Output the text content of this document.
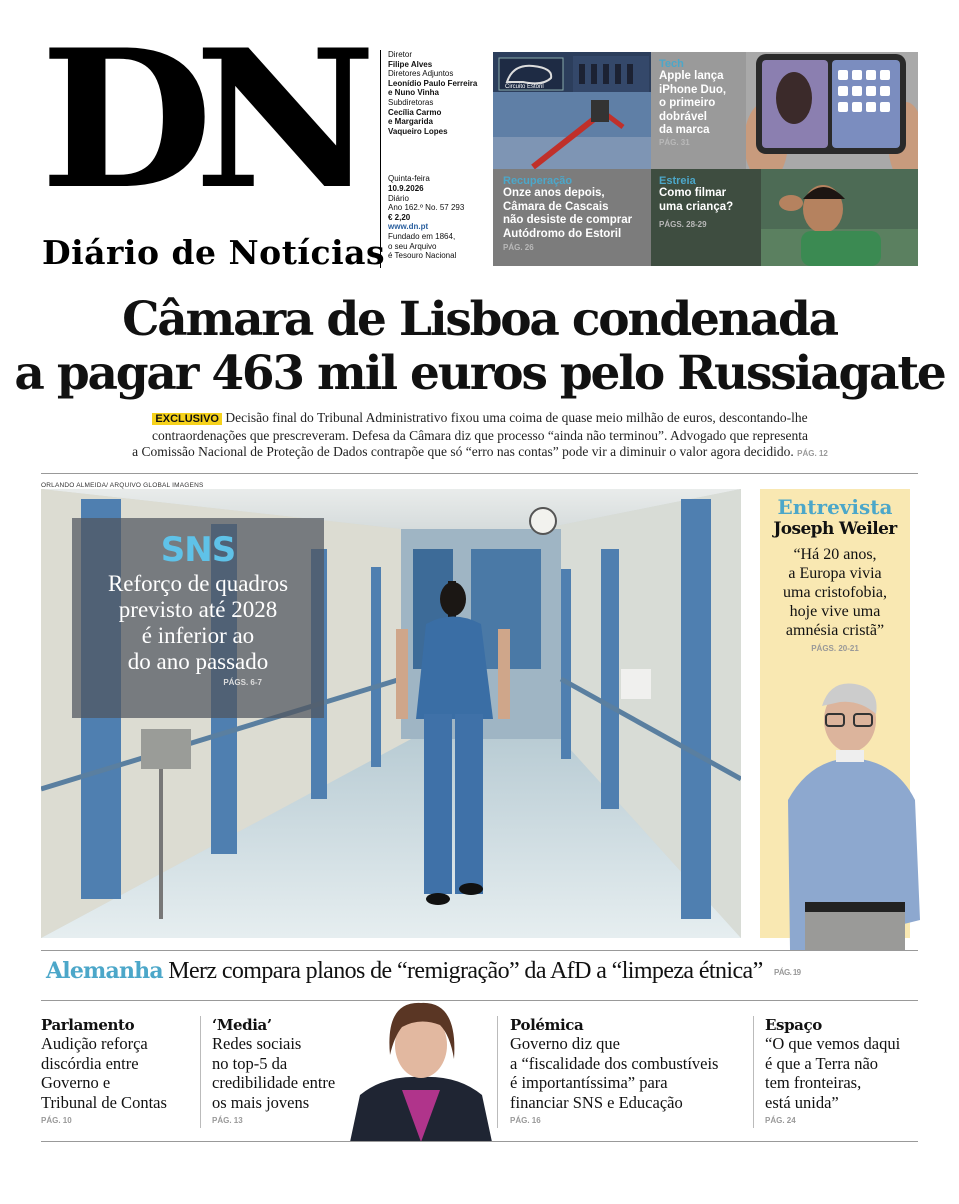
DN
Diário de Notícias
Diretor
Filipe Alves
Diretores Adjuntos
Leonídio Paulo Ferreira
e Nuno Vinha
Subdiretoras
Cecília Carmo
e Margarida
Vaqueiro Lopes
Quinta-feira
10.9.2026
Diário
Ano 162.º No. 57 293
€ 2,20
www.dn.pt
Fundado em 1864,
o seu Arquivo
é Tesouro Nacional
Circuito Estoril
Recuperação
Onze anos depois,
Câmara de Cascais
não desiste de comprar
Autódromo do Estoril
PÁG. 26
Tech
Apple lança
iPhone Duo,
o primeiro
dobrável
da marca
PÁG. 31
Estreia
Como filmar
uma criança?
PÁGS. 28-29
Câmara de Lisboa condenada
a pagar 463 mil euros pelo Russiagate
EXCLUSIVO Decisão final do Tribunal Administrativo fixou uma coima de quase meio milhão de euros, descontando-lhe
contraordenações que prescreveram. Defesa da Câmara diz que processo “ainda não terminou”. Advogado que representa
a Comissão Nacional de Proteção de Dados contrapõe que só “erro nas contas” pode vir a diminuir o valor agora decidido. PÁG. 12
ORLANDO ALMEIDA/ ARQUIVO GLOBAL IMAGENS
SNS
Reforço de quadros
previsto até 2028
é inferior ao
do ano passado
PÁGS. 6-7
Entrevista
Joseph Weiler
“Há 20 anos,
a Europa vivia
uma cristofobia,
hoje vive uma
amnésia cristã”
PÁGS. 20-21
Alemanha Merz compara planos de “remigração” da AfD a “limpeza étnica” PÁG. 19
Parlamento
Audição reforça
discórdia entre
Governo e
Tribunal de Contas
PÁG. 10
‘Media’
Redes sociais
no top-5 da
credibilidade entre
os mais jovens
PÁG. 13
Polémica
Governo diz que
a “fiscalidade dos combustíveis
é importantíssima” para
financiar SNS e Educação
PÁG. 16
Espaço
“O que vemos daqui
é que a Terra não
tem fronteiras,
está unida”
PÁG. 24
